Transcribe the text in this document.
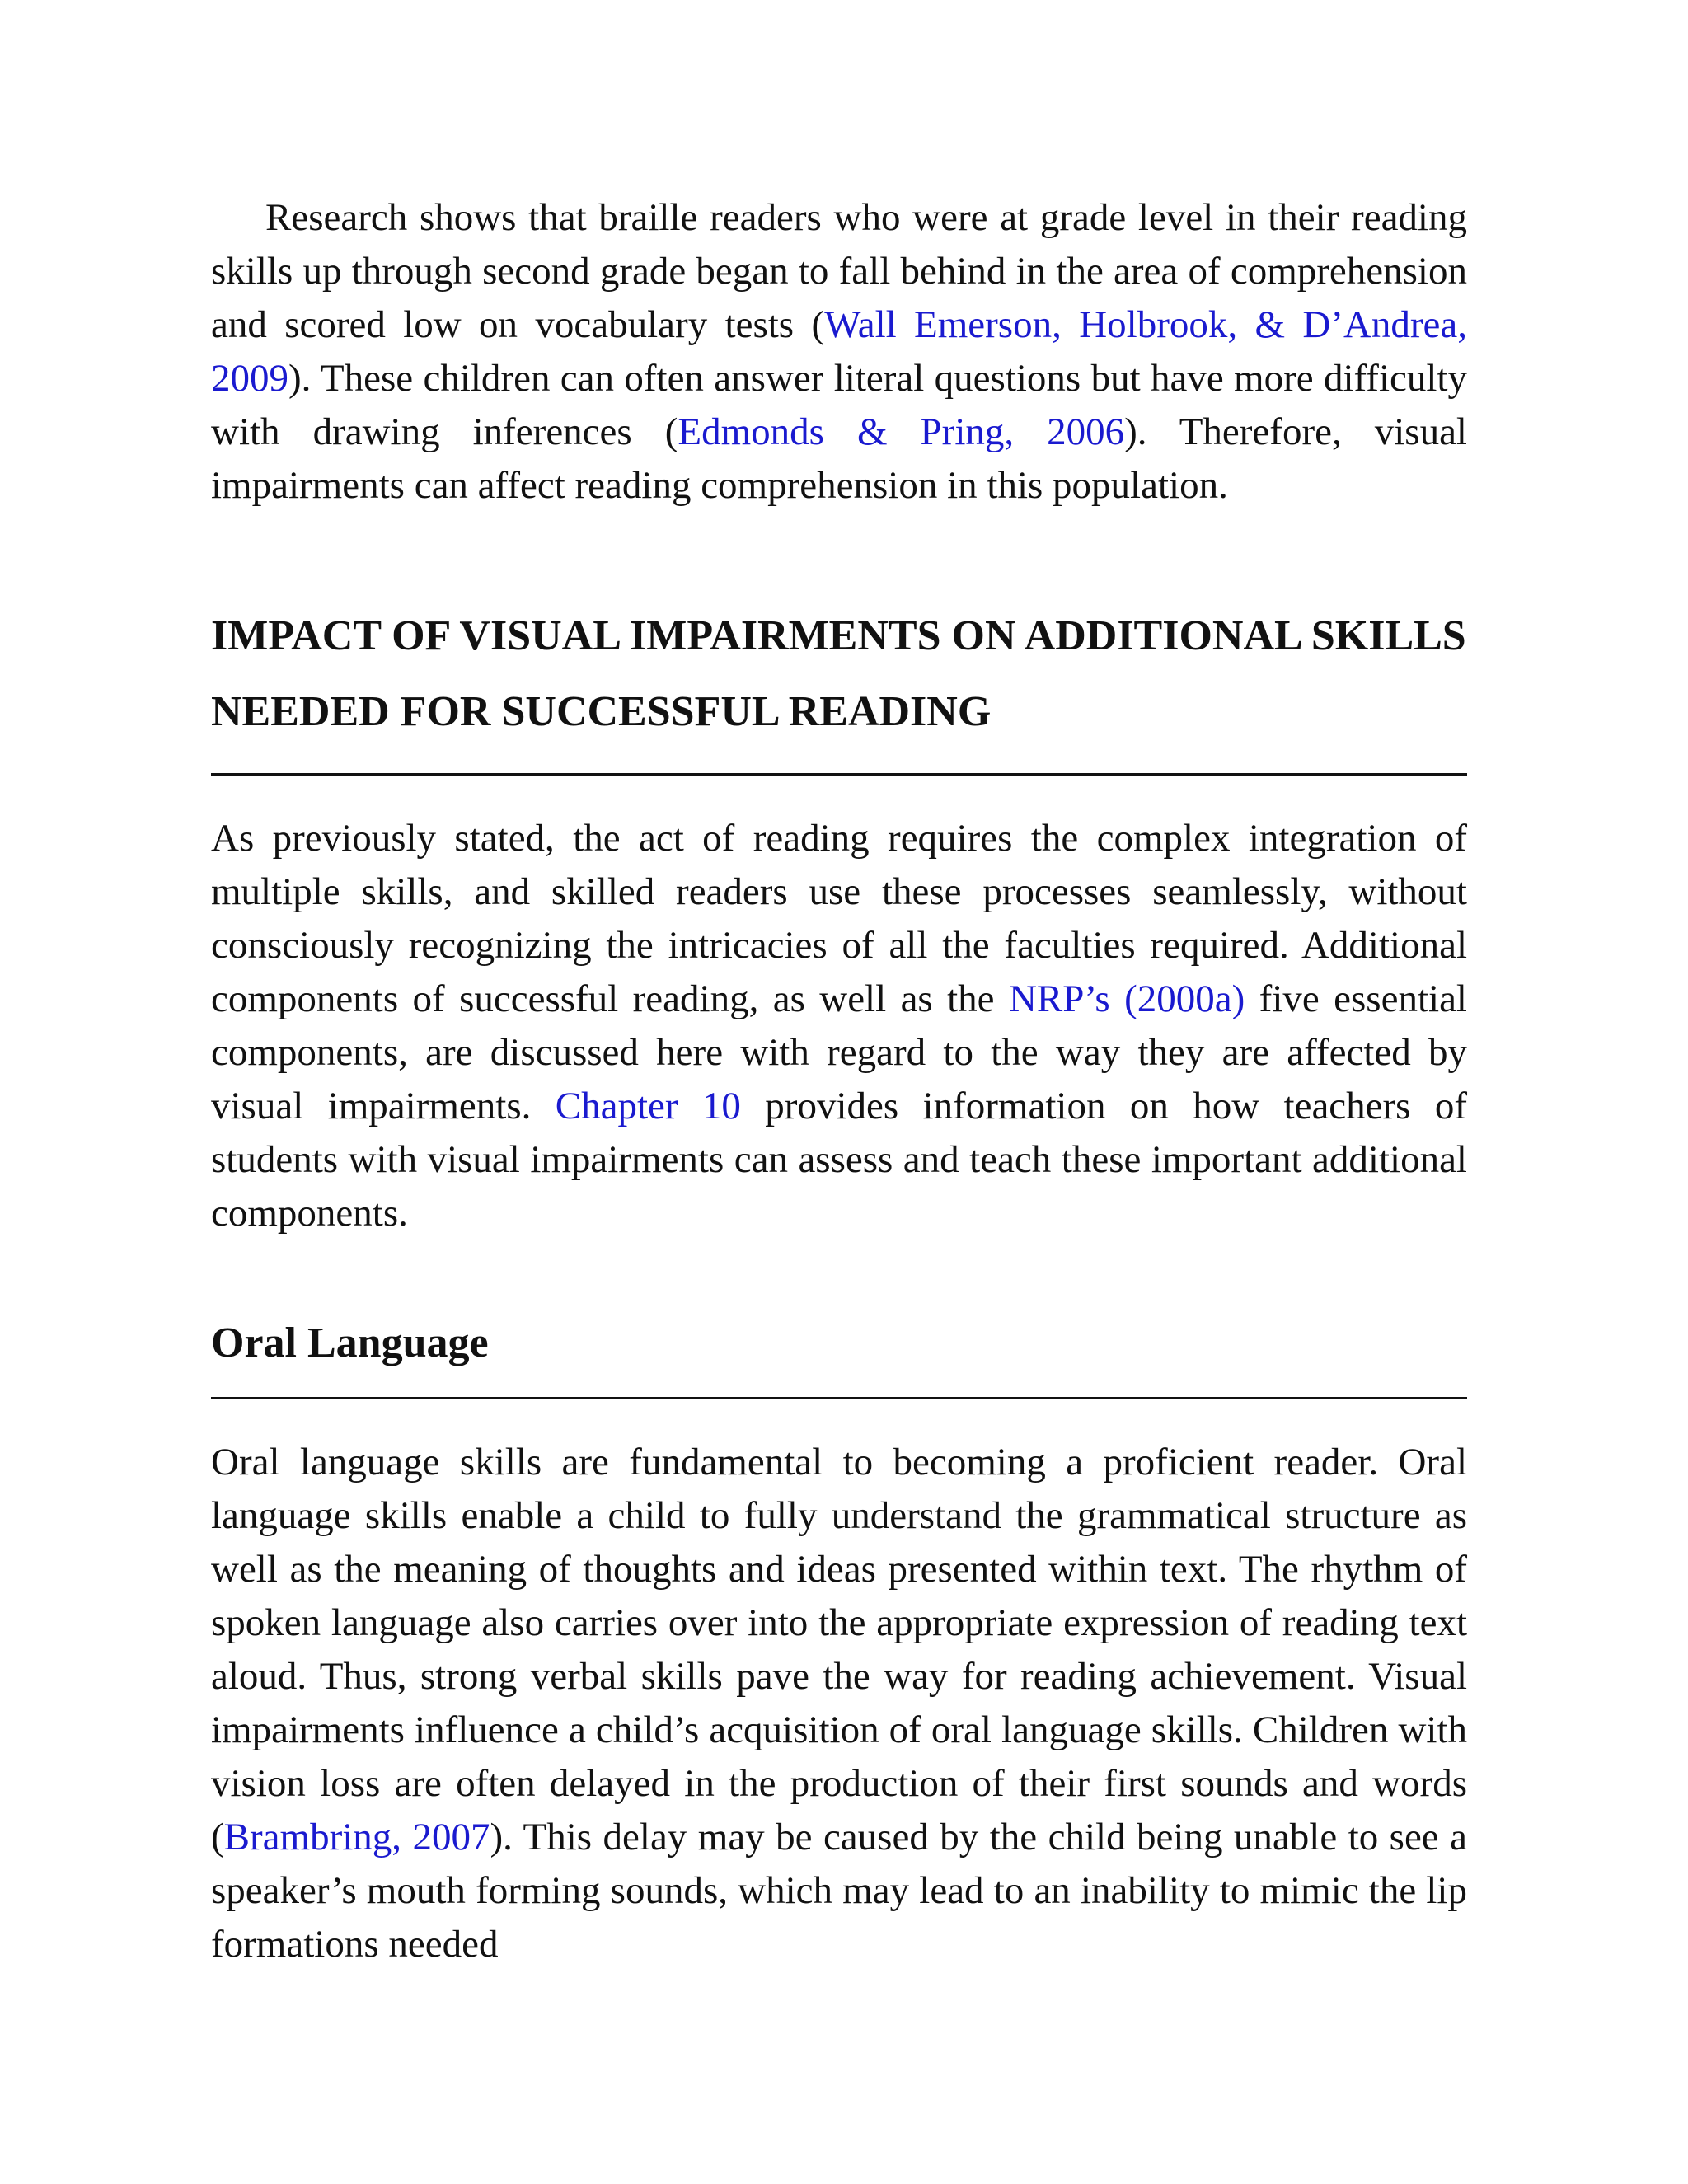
Research shows that braille readers who were at grade level in their reading skills up through second grade began to fall behind in the area of comprehension and scored low on vocabulary tests (Wall Emerson, Holbrook, & D’Andrea, 2009). These children can often answer literal questions but have more difficulty with drawing inferences (Edmonds & Pring, 2006). Therefore, visual impairments can affect reading comprehension in this population.

IMPACT OF VISUAL IMPAIRMENTS ON ADDITIONAL SKILLS NEEDED FOR SUCCESSFUL READING

As previously stated, the act of reading requires the complex integration of multiple skills, and skilled readers use these processes seamlessly, without consciously recognizing the intricacies of all the faculties required. Additional components of successful reading, as well as the NRP’s (2000a) five essential components, are discussed here with regard to the way they are affected by visual impairments. Chapter 10 provides information on how teachers of students with visual impairments can assess and teach these important additional components.

Oral Language

Oral language skills are fundamental to becoming a proficient reader. Oral language skills enable a child to fully understand the grammatical structure as well as the meaning of thoughts and ideas presented within text. The rhythm of spoken language also carries over into the appropriate expression of reading text aloud. Thus, strong verbal skills pave the way for reading achievement. Visual impairments influence a child’s acquisition of oral language skills. Children with vision loss are often delayed in the production of their first sounds and words (Brambring, 2007). This delay may be caused by the child being unable to see a speaker’s mouth forming sounds, which may lead to an inability to mimic the lip formations needed
